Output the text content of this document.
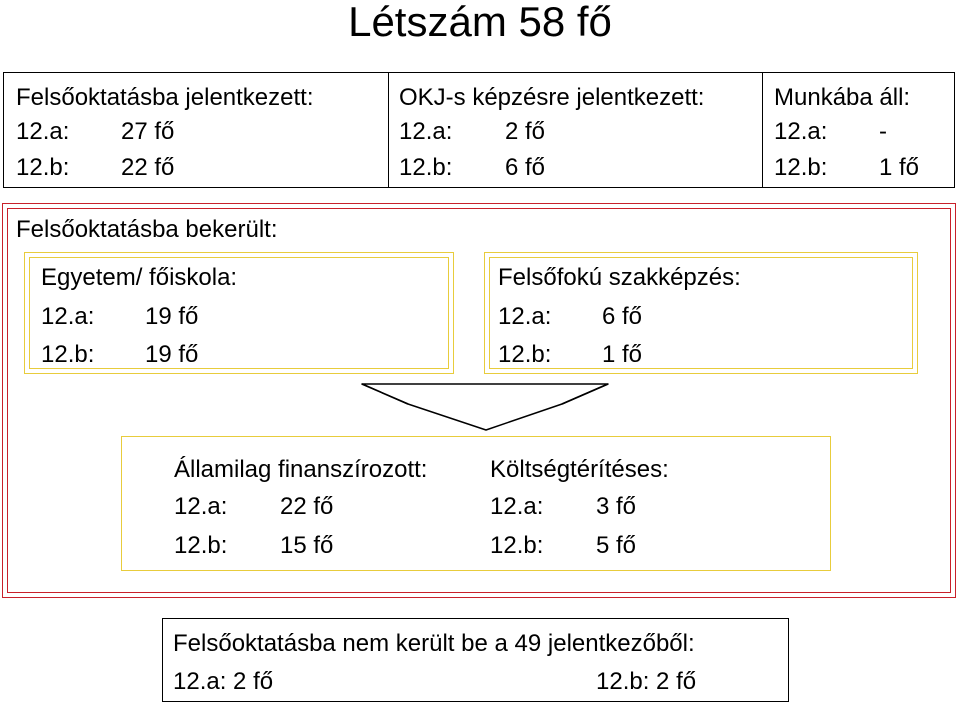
Létszám 58 fő
Felsőoktatásba jelentkezett:
12.a: 27 fő
12.b: 22 fő
OKJ-s képzésre jelentkezett:
12.a: 2 fő
12.b: 6 fő
Munkába áll:
12.a: -
12.b: 1 fő
Felsőoktatásba bekerült:
Egyetem/ főiskola:
12.a: 19 fő
12.b: 19 fő
Felsőfokú szakképzés:
12.a: 6 fő
12.b: 1 fő
Államilag finanszírozott:
12.a: 22 fő
12.b: 15 fő
Költségtérítéses:
12.a: 3 fő
12.b: 5 fő
Felsőoktatásba nem került be a 49 jelentkezőből:
12.a: 2 fő	12.b: 2 fő
